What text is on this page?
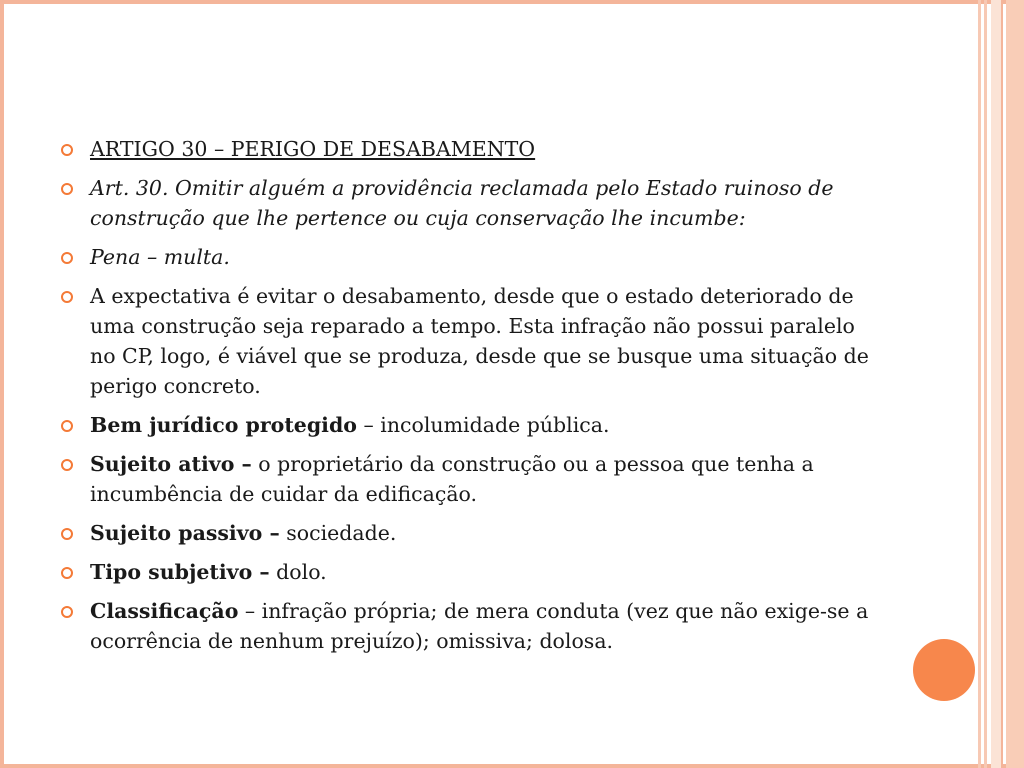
ARTIGO 30 – PERIGO DE DESABAMENTO
Art. 30. Omitir alguém a providência reclamada pelo Estado ruinoso de construção que lhe pertence ou cuja conservação lhe incumbe:
Pena – multa.
A expectativa é evitar o desabamento, desde que o estado deteriorado de uma construção seja reparado a tempo. Esta infração não possui paralelo no CP, logo, é viável que se produza, desde que se busque uma situação de perigo concreto.
Bem jurídico protegido – incolumidade pública.
Sujeito ativo – o proprietário da construção ou a pessoa que tenha a incumbência de cuidar da edificação.
Sujeito passivo – sociedade.
Tipo subjetivo – dolo.
Classificação – infração própria; de mera conduta (vez que não exige-se a ocorrência de nenhum prejuízo); omissiva; dolosa.
